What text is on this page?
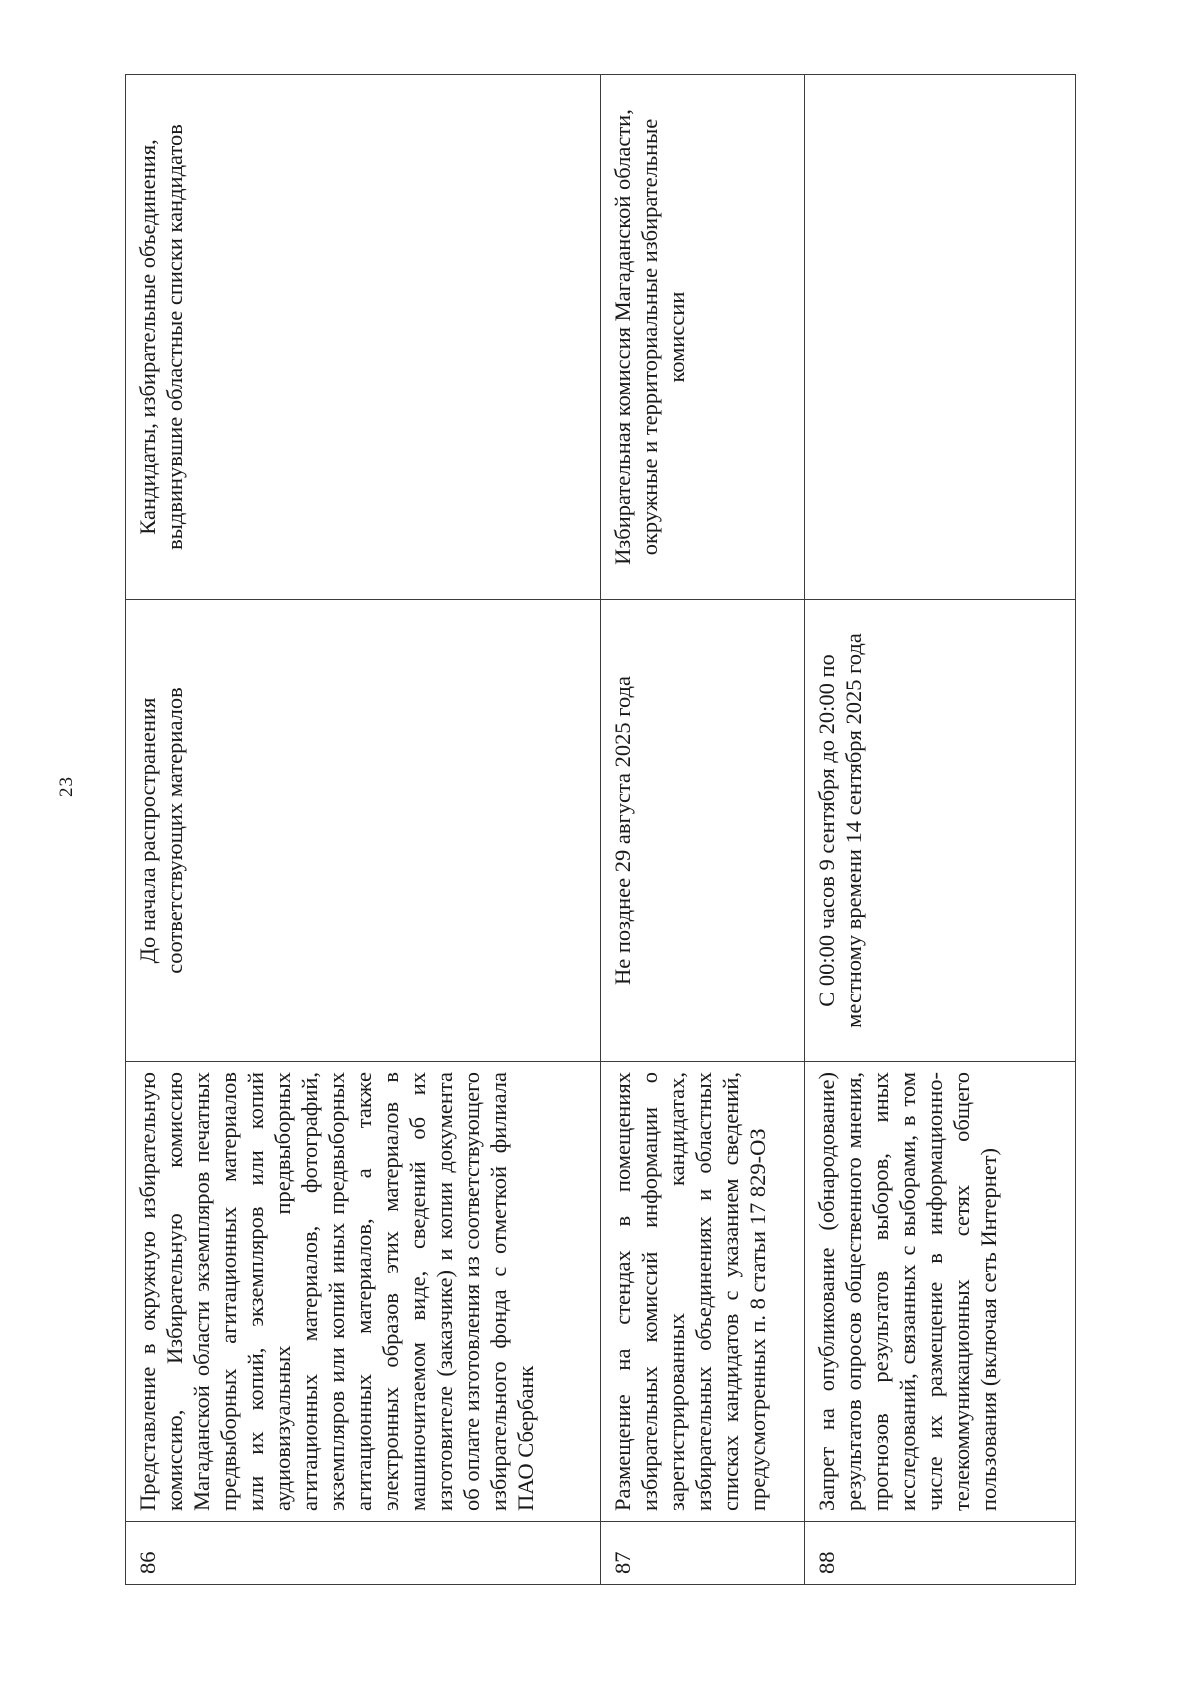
23
86	Представление в окружную избирательную комиссию, Избирательную комиссию Магаданской области экземпляров печатных предвыборных агитационных материалов или их копий, экземпляров или копий аудиовизуальных предвыборных агитационных материалов, фотографий, экземпляров или копий иных предвыборных агитационных материалов, а также электронных образов этих материалов в машиночитаемом виде, сведений об их изготовителе (заказчике) и копии документа об оплате изготовления из соответствующего избирательного фонда с отметкой филиала ПАО Сбербанк	До начала распространения соответствующих материалов	Кандидаты, избирательные объединения, выдвинувшие областные списки кандидатов
87	Размещение на стендах в помещениях избирательных комиссий информации о зарегистрированных кандидатах, избирательных объединениях и областных списках кандидатов с указанием сведений, предусмотренных п. 8 статьи 17 829-ОЗ	Не позднее 29 августа 2025 года	Избирательная комиссия Магаданской области, окружные и территориальные избирательные комиссии
88	Запрет на опубликование (обнародование) результатов опросов общественного мнения, прогнозов результатов выборов, иных исследований, связанных с выборами, в том числе их размещение в информационно-телекоммуникационных сетях общего пользования (включая сеть Интернет)	С 00:00 часов 9 сентября до 20:00 по местному времени 14 сентября 2025 года	
